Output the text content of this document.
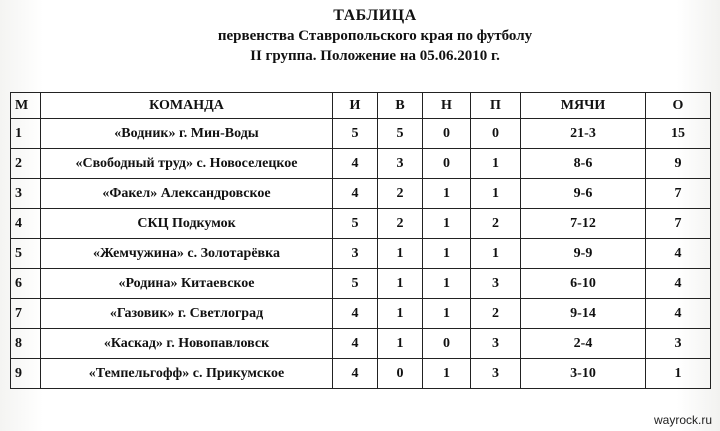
ТАБЛИЦА
первенства Ставропольского края по футболу
II группа. Положение на 05.06.2010 г.
М	КОМАНДА	И	В	Н	П	МЯЧИ	О
1	«Водник» г. Мин-Воды	5	5	0	0	21-3	15
2	«Свободный труд» с. Новоселецкое	4	3	0	1	8-6	9
3	«Факел» Александровское	4	2	1	1	9-6	7
4	СКЦ Подкумок	5	2	1	2	7-12	7
5	«Жемчужина» с. Золотарёвка	3	1	1	1	9-9	4
6	«Родина» Китаевское	5	1	1	3	6-10	4
7	«Газовик» г. Светлоград	4	1	1	2	9-14	4
8	«Каскад» г. Новопавловск	4	1	0	3	2-4	3
9	«Темпельгофф» с. Прикумское	4	0	1	3	3-10	1
wayrock.ru
